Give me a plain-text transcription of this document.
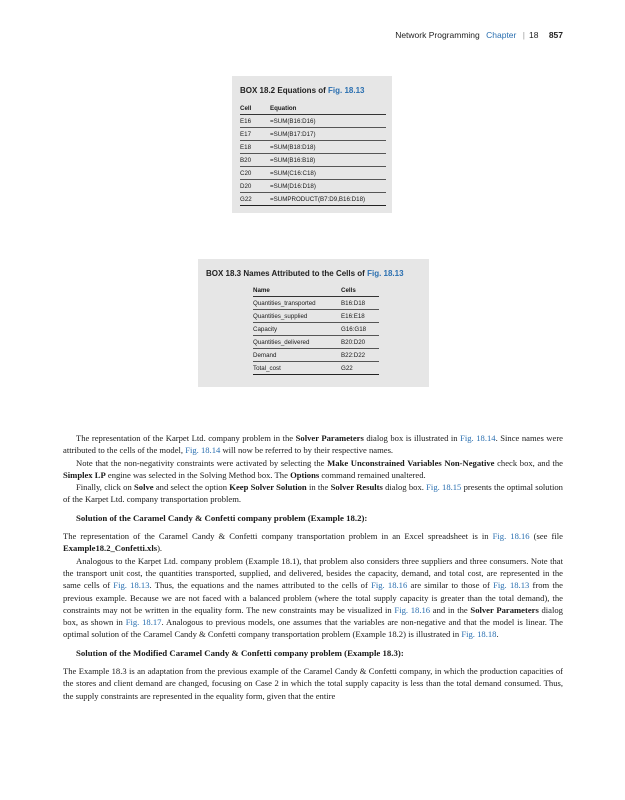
Network Programming Chapter | 18 857
BOX 18.2 Equations of Fig. 18.13
Cell	Equation
E16	=SUM(B16:D16)
E17	=SUM(B17:D17)
E18	=SUM(B18:D18)
B20	=SUM(B16:B18)
C20	=SUM(C16:C18)
D20	=SUM(D16:D18)
G22	=SUMPRODUCT(B7:D9,B16:D18)
BOX 18.3 Names Attributed to the Cells of Fig. 18.13
Name	Cells
Quantities_transported	B16:D18
Quantities_supplied	E16:E18
Capacity	G16:G18
Quantities_delivered	B20:D20
Demand	B22:D22
Total_cost	G22

The representation of the Karpet Ltd. company problem in the Solver Parameters dialog box is illustrated in Fig. 18.14. Since names were attributed to the cells of the model, Fig. 18.14 will now be referred to by their respective names.

Note that the non-negativity constraints were activated by selecting the Make Unconstrained Variables Non-Negative check box, and the Simplex LP engine was selected in the Solving Method box. The Options command remained unaltered.

Finally, click on Solve and select the option Keep Solver Solution in the Solver Results dialog box. Fig. 18.15 presents the optimal solution of the Karpet Ltd. company transportation problem.

Solution of the Caramel Candy & Confetti company problem (Example 18.2):

The representation of the Caramel Candy & Confetti company transportation problem in an Excel spreadsheet is in Fig. 18.16 (see file Example18.2_Confetti.xls).

Analogous to the Karpet Ltd. company problem (Example 18.1), that problem also considers three suppliers and three consumers. Note that the transport unit cost, the quantities transported, supplied, and delivered, besides the capacity, demand, and total cost, are represented in the same cells of Fig. 18.13. Thus, the equations and the names attributed to the cells of Fig. 18.16 are similar to those of Fig. 18.13 from the previous example. Because we are not faced with a balanced problem (where the total supply capacity is greater than the total demand), the constraints may not be written in the equality form. The new constraints may be visualized in Fig. 18.16 and in the Solver Parameters dialog box, as shown in Fig. 18.17. Analogous to previous models, one assumes that the variables are non-negative and that the model is linear. The optimal solution of the Caramel Candy & Confetti company transportation problem (Example 18.2) is illustrated in Fig. 18.18.

Solution of the Modified Caramel Candy & Confetti company problem (Example 18.3):

The Example 18.3 is an adaptation from the previous example of the Caramel Candy & Confetti company, in which the production capacities of the stores and client demand are changed, focusing on Case 2 in which the total supply capacity is less than the total demand consumed. Thus, the supply constraints are represented in the equality form, given that the entire
